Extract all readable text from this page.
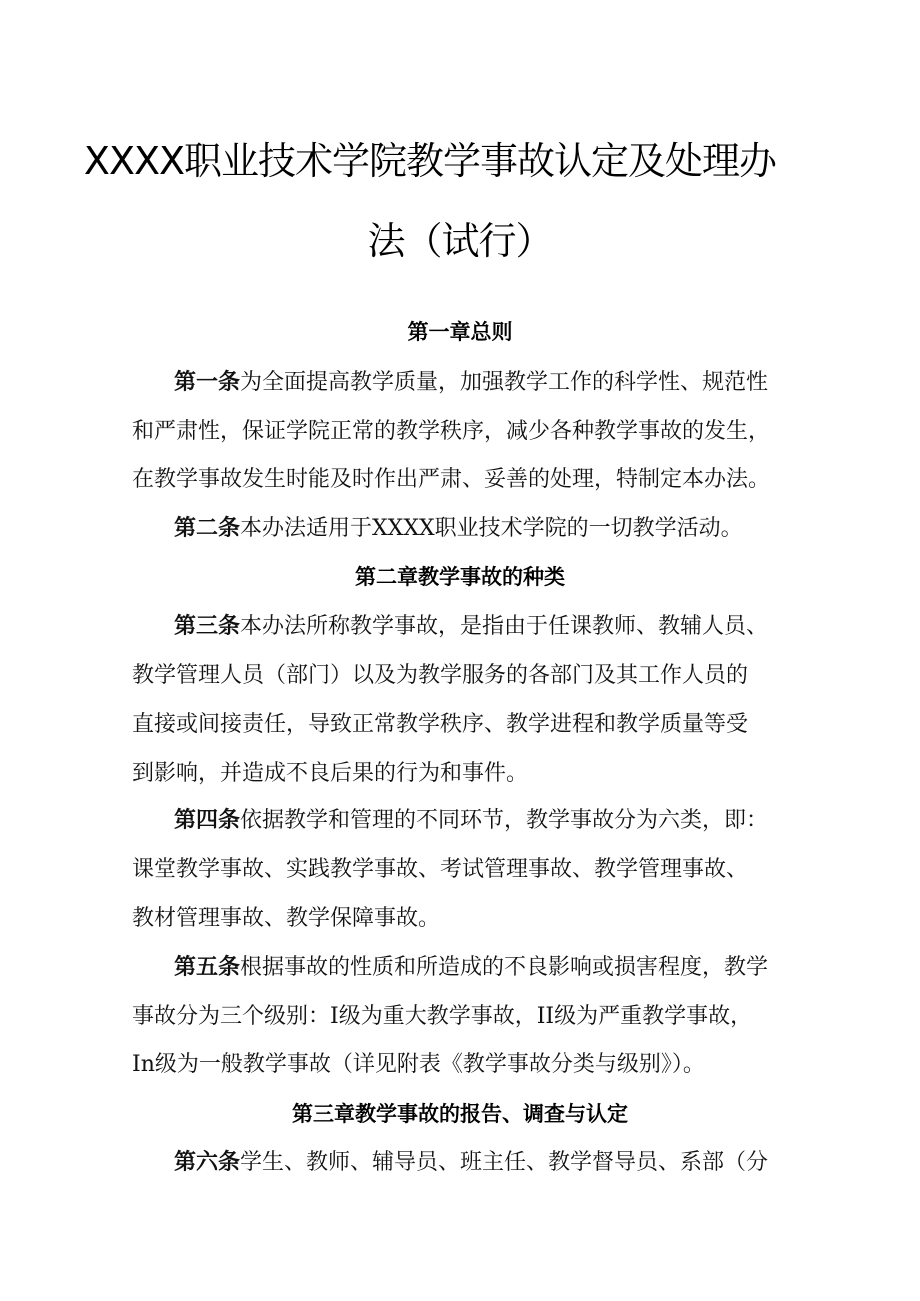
XXXX职业技术学院教学事故认定及处理办
法（试行）
第一章总则
第一条为全面提高教学质量，加强教学工作的科学性、规范性
和严肃性，保证学院正常的教学秩序，减少各种教学事故的发生，
在教学事故发生时能及时作出严肃、妥善的处理，特制定本办法。
第二条本办法适用于XXXX职业技术学院的一切教学活动。
第二章教学事故的种类
第三条本办法所称教学事故，是指由于任课教师、教辅人员、
教学管理人员（部门）以及为教学服务的各部门及其工作人员的
直接或间接责任，导致正常教学秩序、教学进程和教学质量等受
到影响，并造成不良后果的行为和事件。
第四条依据教学和管理的不同环节，教学事故分为六类，即：
课堂教学事故、实践教学事故、考试管理事故、教学管理事故、
教材管理事故、教学保障事故。
第五条根据事故的性质和所造成的不良影响或损害程度，教学
事故分为三个级别：I级为重大教学事故，II级为严重教学事故，
In级为一般教学事故（详见附表《教学事故分类与级别》）。
第三章教学事故的报告、调查与认定
第六条学生、教师、辅导员、班主任、教学督导员、系部（分
